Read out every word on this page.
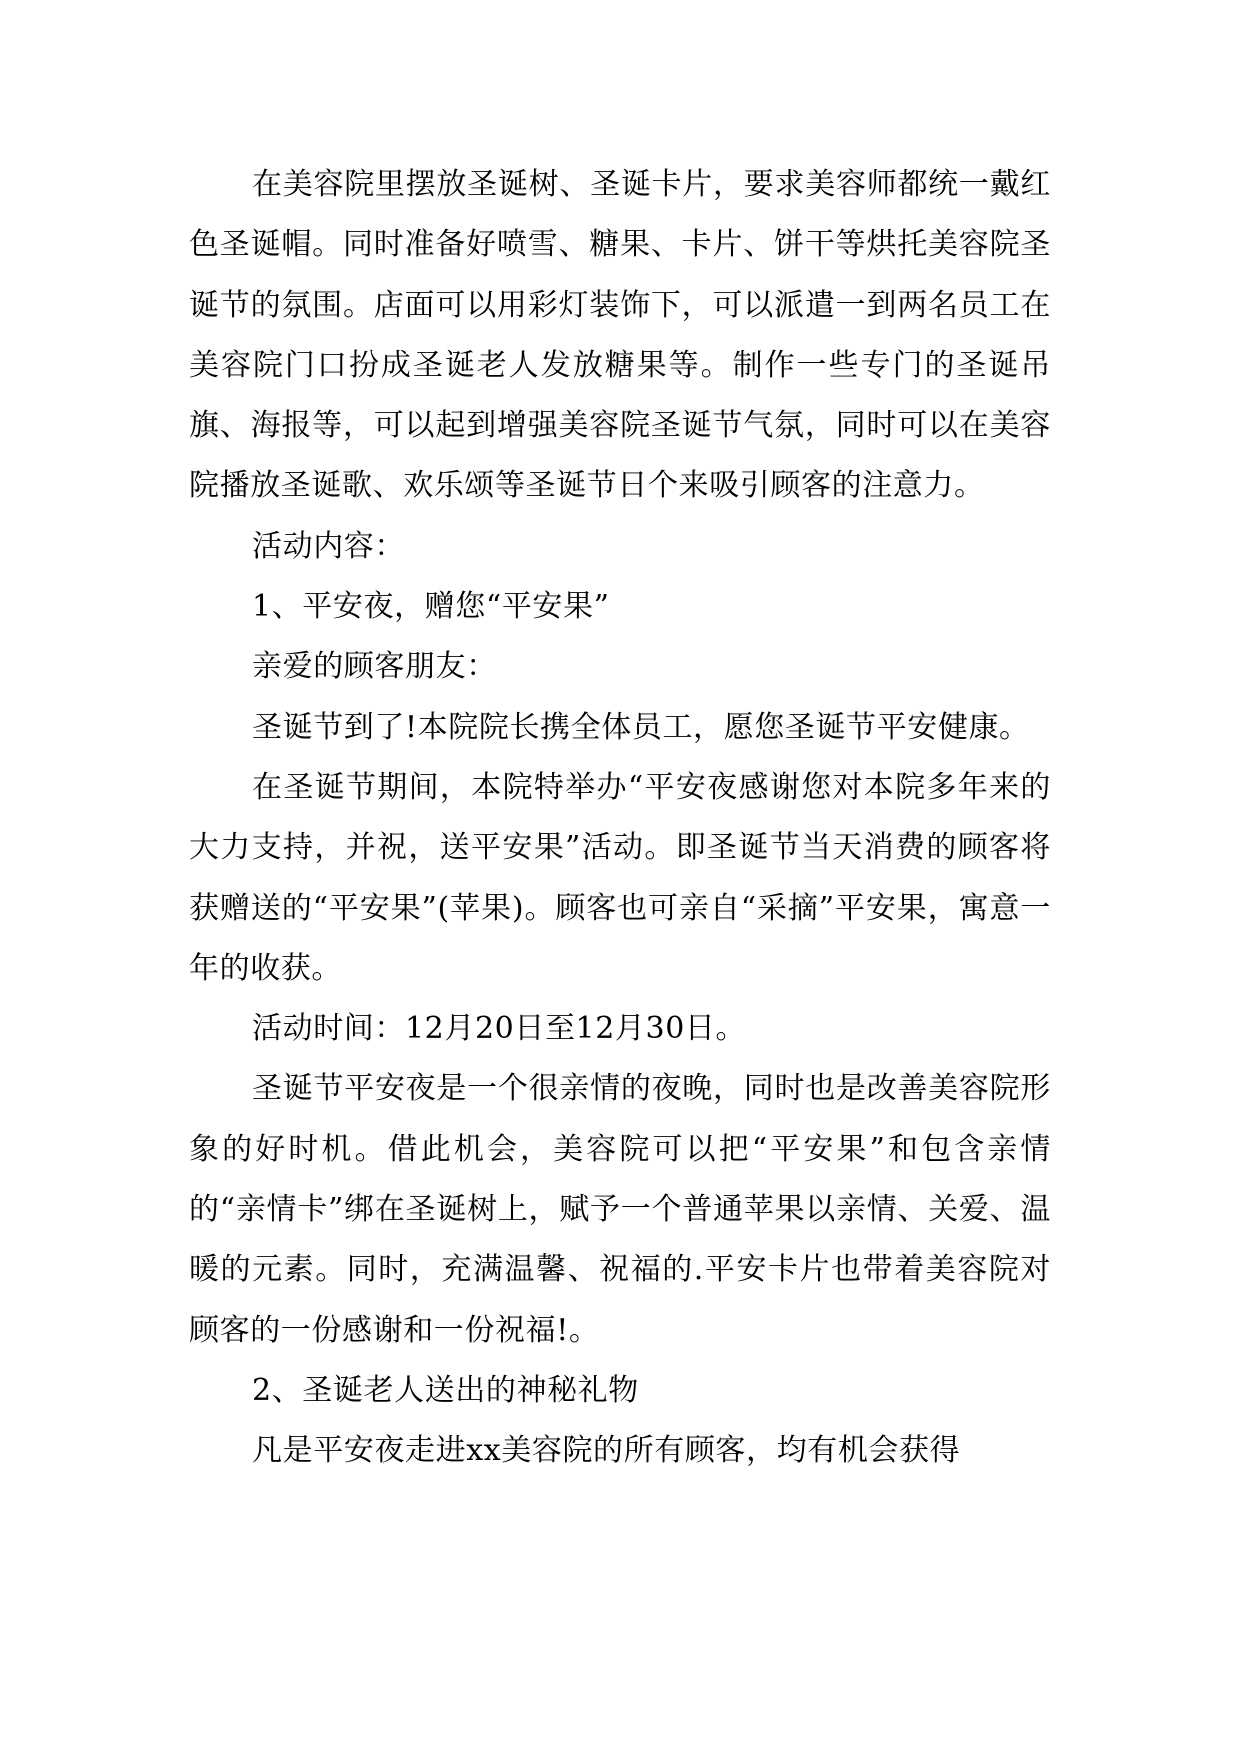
在美容院里摆放圣诞树、圣诞卡片，要求美容师都统一戴红色圣诞帽。同时准备好喷雪、糖果、卡片、饼干等烘托美容院圣诞节的氛围。店面可以用彩灯装饰下，可以派遣一到两名员工在美容院门口扮成圣诞老人发放糖果等。制作一些专门的圣诞吊旗、海报等，可以起到增强美容院圣诞节气氛，同时可以在美容院播放圣诞歌、欢乐颂等圣诞节日个来吸引顾客的注意力。

活动内容：

1、平安夜，赠您“平安果”

亲爱的顾客朋友：

圣诞节到了!本院院长携全体员工，愿您圣诞节平安健康。

在圣诞节期间，本院特举办“平安夜感谢您对本院多年来的大力支持，并祝，送平安果”活动。即圣诞节当天消费的顾客将获赠送的“平安果”(苹果)。顾客也可亲自“采摘”平安果，寓意一年的收获。

活动时间：12月20日至12月30日。

圣诞节平安夜是一个很亲情的夜晚，同时也是改善美容院形象的好时机。借此机会，美容院可以把“平安果”和包含亲情的“亲情卡”绑在圣诞树上，赋予一个普通苹果以亲情、关爱、温暖的元素。同时，充满温馨、祝福的.平安卡片也带着美容院对顾客的一份感谢和一份祝福!。

2、圣诞老人送出的神秘礼物

凡是平安夜走进xx美容院的所有顾客，均有机会获得
